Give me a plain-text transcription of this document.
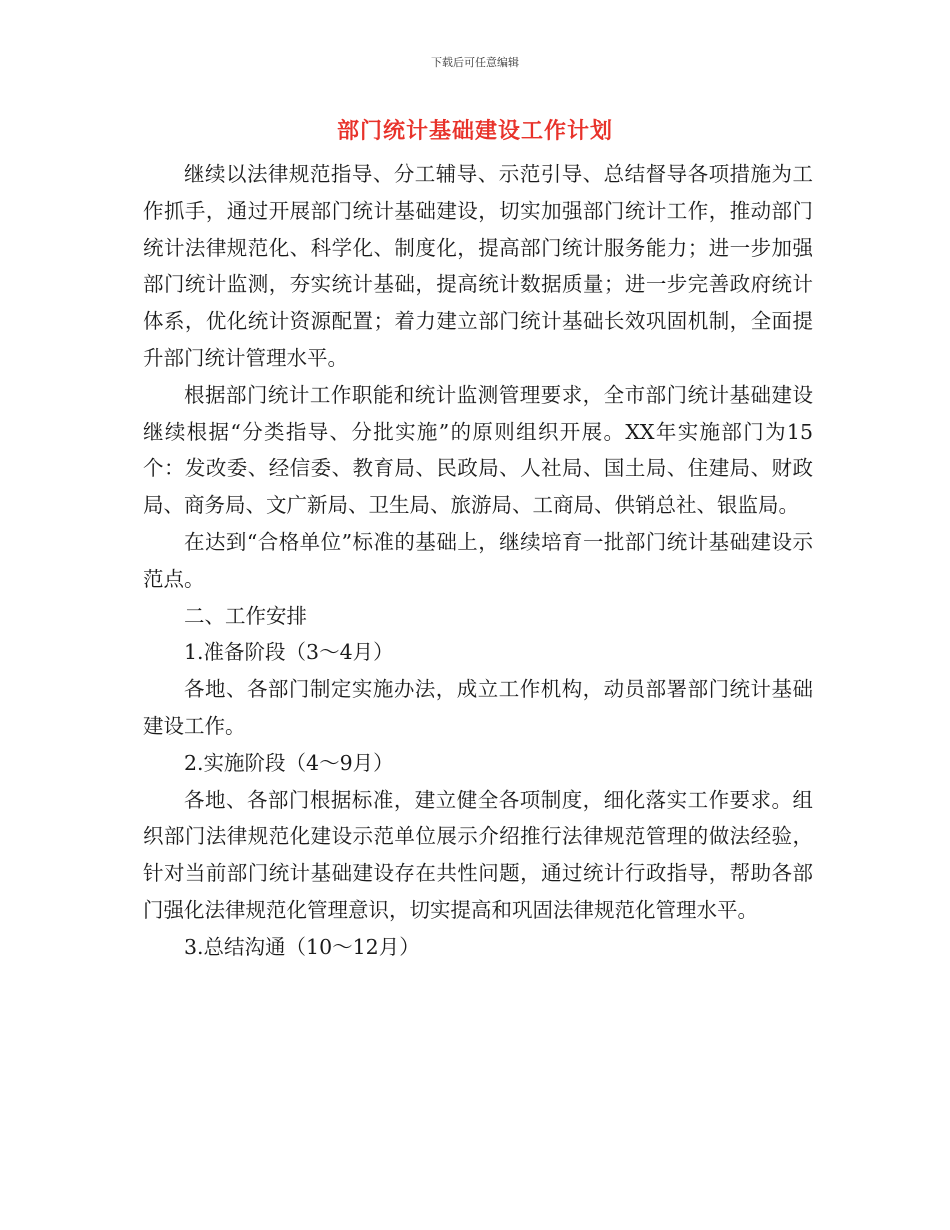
下载后可任意编辑
部门统计基础建设工作计划

继续以法律规范指导、分工辅导、示范引导、总结督导各项措施为工作抓手，通过开展部门统计基础建设，切实加强部门统计工作，推动部门统计法律规范化、科学化、制度化，提高部门统计服务能力；进一步加强部门统计监测，夯实统计基础，提高统计数据质量；进一步完善政府统计体系，优化统计资源配置；着力建立部门统计基础长效巩固机制，全面提升部门统计管理水平。

根据部门统计工作职能和统计监测管理要求，全市部门统计基础建设继续根据“分类指导、分批实施”的原则组织开展。XX年实施部门为15个：发改委、经信委、教育局、民政局、人社局、国土局、住建局、财政局、商务局、文广新局、卫生局、旅游局、工商局、供销总社、银监局。

在达到“合格单位”标准的基础上，继续培育一批部门统计基础建设示范点。

二、工作安排

1.准备阶段（3～4月）

各地、各部门制定实施办法，成立工作机构，动员部署部门统计基础建设工作。

2.实施阶段（4～9月）

各地、各部门根据标准，建立健全各项制度，细化落实工作要求。组织部门法律规范化建设示范单位展示介绍推行法律规范管理的做法经验，针对当前部门统计基础建设存在共性问题，通过统计行政指导，帮助各部门强化法律规范化管理意识，切实提高和巩固法律规范化管理水平。

3.总结沟通（10～12月）
